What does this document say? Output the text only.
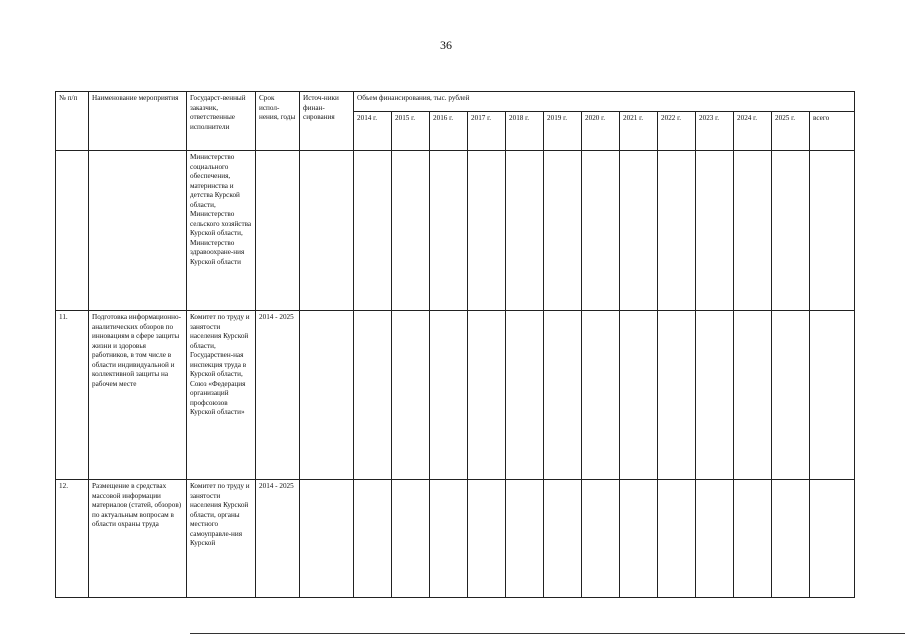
36
№ п/п	Наименование мероприятия	Государст-венный заказчик, ответственные исполнители	Срок испол-нения, годы	Источ-ники финан-сирования	Объем финансирования, тыс. рублей												
					2014 г.	2015 г.	2016 г.	2017 г.	2018 г.	2019 г.	2020 г.	2021 г.	2022 г.	2023 г.	2024 г.	2025 г.	всего
		Министерство социального обеспечения, материнства и детства Курской области, Министерство сельского хозяйства Курской области, Министерство здравоохране-ния Курской области															
11.	Подготовка информационно-аналитических обзоров по инновациям в сфере защиты жизни и здоровья работников, в том числе в области индивидуальной и коллективной защиты на рабочем месте	Комитет по труду и занятости населения Курской области, Государствен-ная инспекция труда в Курской области, Союз «Федерация организаций профсоюзов Курской области»	2014 - 2025														
12.	Размещение в средствах массовой информации материалов (статей, обзоров) по актуальным вопросам в области охраны труда	Комитет по труду и занятости населения Курской области, органы местного самоуправле-ния Курской	2014 - 2025														
